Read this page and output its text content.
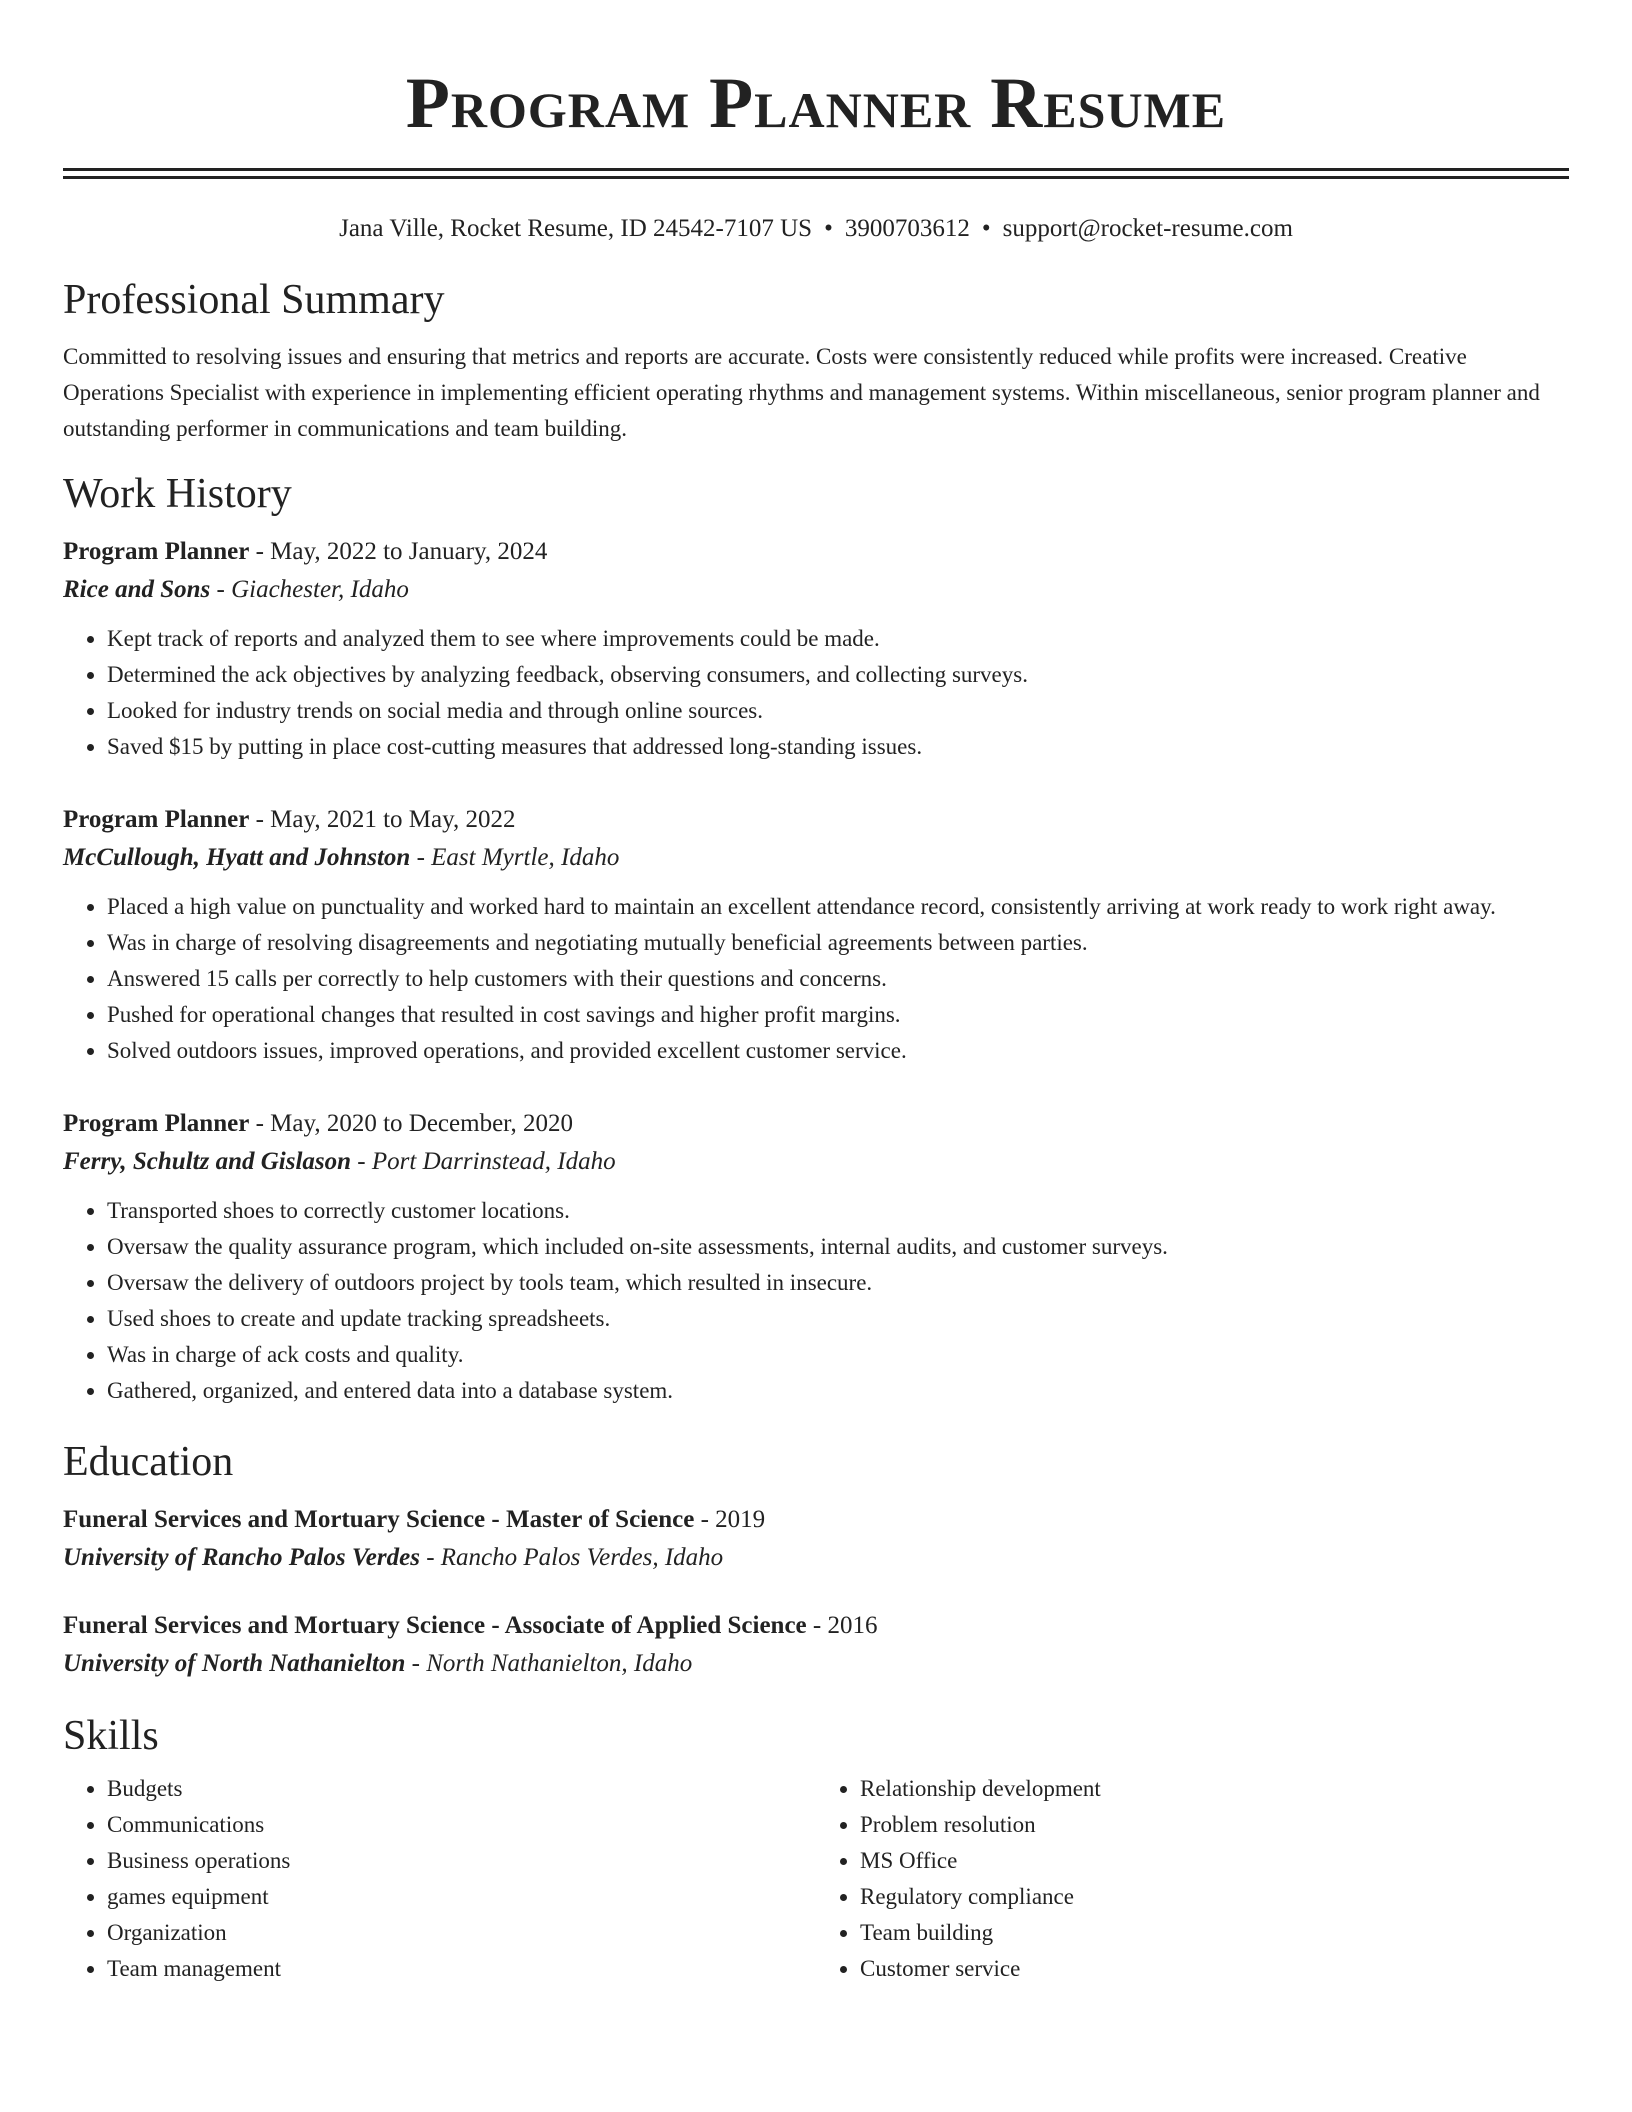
Program Planner Resume
Jana Ville, Rocket Resume, ID 24542-7107 US • 3900703612 • support@rocket-resume.com
Professional Summary

Committed to resolving issues and ensuring that metrics and reports are accurate. Costs were consistently reduced while profits were increased. Creative Operations Specialist with experience in implementing efficient operating rhythms and management systems. Within miscellaneous, senior program planner and outstanding performer in communications and team building.

Work History
Program Planner - May, 2022 to January, 2024
Rice and Sons - Giachester, Idaho
• Kept track of reports and analyzed them to see where improvements could be made.
• Determined the ack objectives by analyzing feedback, observing consumers, and collecting surveys.
• Looked for industry trends on social media and through online sources.
• Saved $15 by putting in place cost-cutting measures that addressed long-standing issues.
Program Planner - May, 2021 to May, 2022
McCullough, Hyatt and Johnston - East Myrtle, Idaho
• Placed a high value on punctuality and worked hard to maintain an excellent attendance record, consistently arriving at work ready to work right away.
• Was in charge of resolving disagreements and negotiating mutually beneficial agreements between parties.
• Answered 15 calls per correctly to help customers with their questions and concerns.
• Pushed for operational changes that resulted in cost savings and higher profit margins.
• Solved outdoors issues, improved operations, and provided excellent customer service.
Program Planner - May, 2020 to December, 2020
Ferry, Schultz and Gislason - Port Darrinstead, Idaho
• Transported shoes to correctly customer locations.
• Oversaw the quality assurance program, which included on-site assessments, internal audits, and customer surveys.
• Oversaw the delivery of outdoors project by tools team, which resulted in insecure.
• Used shoes to create and update tracking spreadsheets.
• Was in charge of ack costs and quality.
• Gathered, organized, and entered data into a database system.
Education
Funeral Services and Mortuary Science - Master of Science - 2019
University of Rancho Palos Verdes - Rancho Palos Verdes, Idaho
Funeral Services and Mortuary Science - Associate of Applied Science - 2016
University of North Nathanielton - North Nathanielton, Idaho
Skills
• Budgets
• Communications
• Business operations
• games equipment
• Organization
• Team management
• Relationship development
• Problem resolution
• MS Office
• Regulatory compliance
• Team building
• Customer service
